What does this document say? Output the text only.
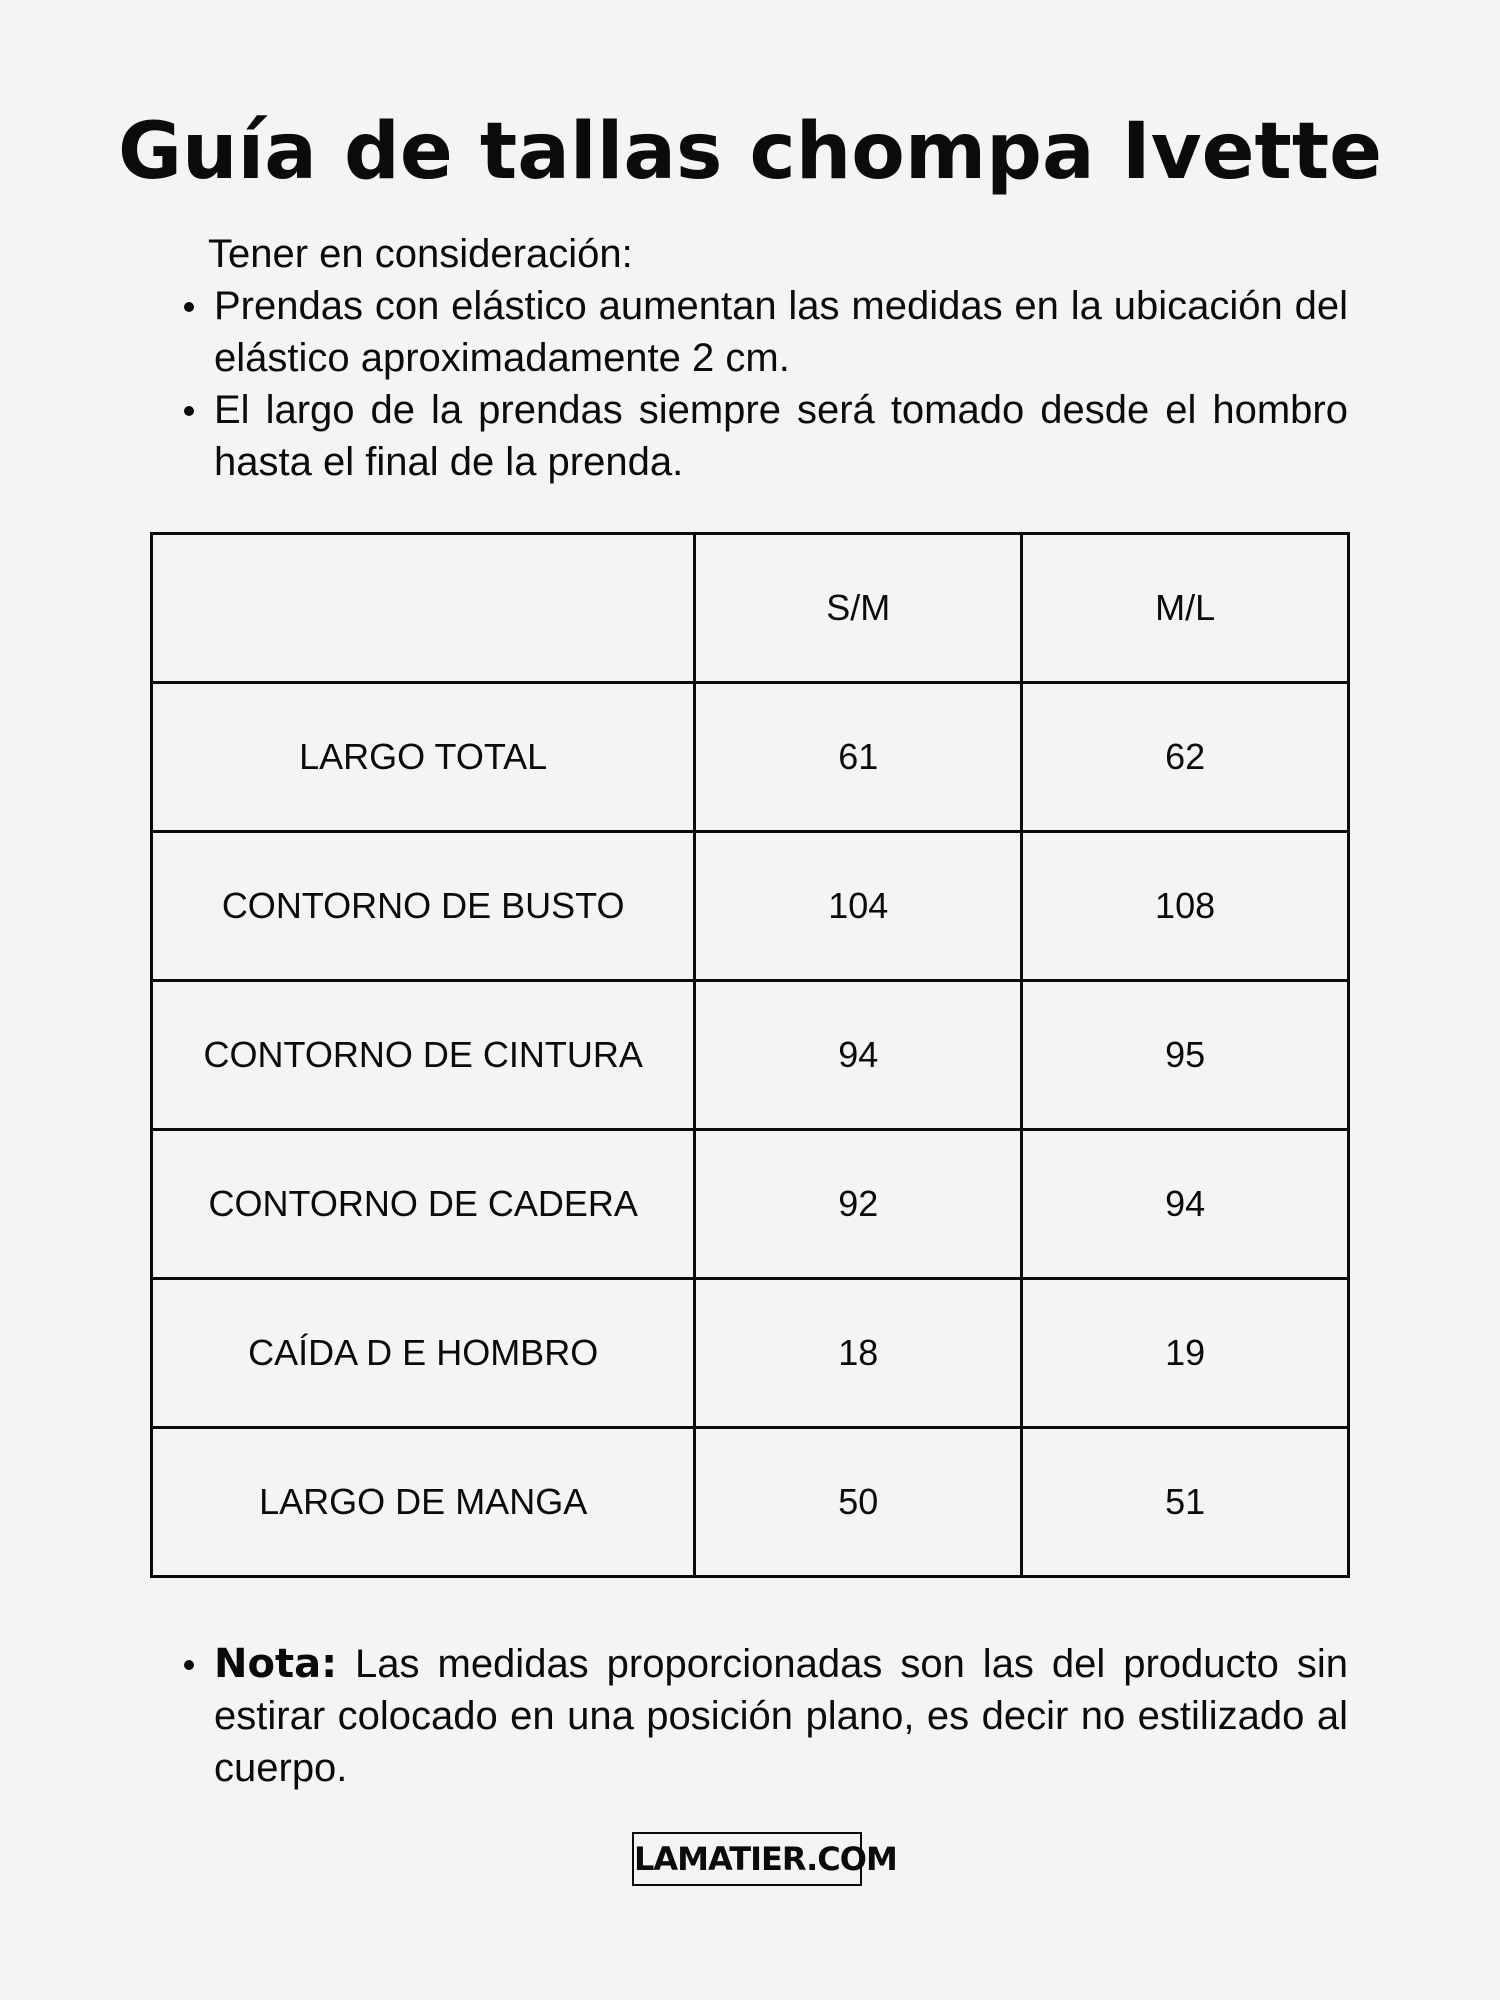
Guía de tallas chompa Ivette
Tener en consideración:
Prendas con elástico aumentan las medidas en la ubicación del elástico aproximadamente 2 cm.
El largo de la prendas siempre será tomado desde el hombro hasta el final de la prenda.
	S/M	M/L
LARGO TOTAL	61	62
CONTORNO DE BUSTO	104	108
CONTORNO DE CINTURA	94	95
CONTORNO DE CADERA	92	94
CAÍDA D E HOMBRO	18	19
LARGO DE MANGA	50	51
Nota: Las medidas proporcionadas son las del producto sin estirar colocado en una posición plano, es decir no estilizado al cuerpo.
LAMATIER.COM
